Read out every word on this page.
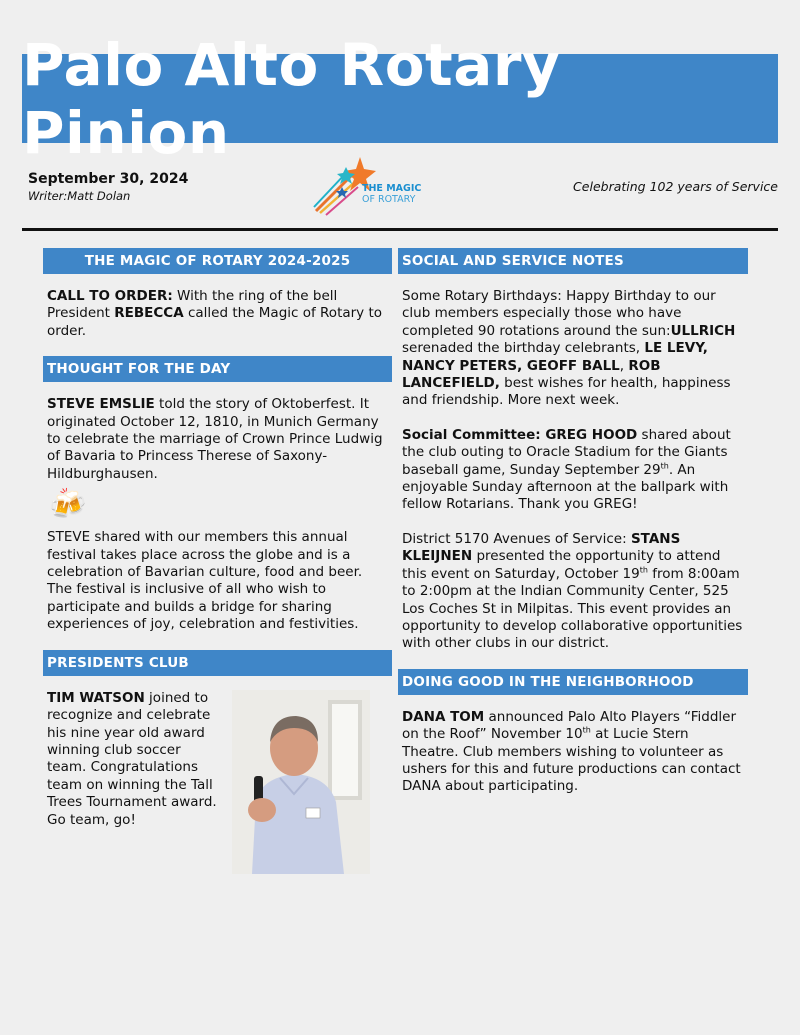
Palo Alto Rotary Pinion
September 30, 2024
Writer:Matt Dolan
THE MAGIC
OF ROTARY
Celebrating 102 years of Service
THE MAGIC OF ROTARY 2024-2025

CALL TO ORDER: With the ring of the bell President REBECCA called the Magic of Rotary to order.

THOUGHT FOR THE DAY

STEVE EMSLIE told the story of Oktoberfest. It originated October 12, 1810, in Munich Germany to celebrate the marriage of Crown Prince Ludwig of Bavaria to Princess Therese of Saxony-Hildburghausen.

🍻

STEVE shared with our members this annual festival takes place across the globe and is a celebration of Bavarian culture, food and beer. The festival is inclusive of all who wish to participate and builds a bridge for sharing experiences of joy, celebration and festivities.

PRESIDENTS CLUB

TIM WATSON joined to recognize and celebrate his nine year old award winning club soccer team. Congratulations team on winning the Tall Trees Tournament award. Go team, go!

SOCIAL AND SERVICE NOTES

Some Rotary Birthdays: Happy Birthday to our club members especially those who have completed 90 rotations around the sun:ULLRICH serenaded the birthday celebrants, LE LEVY, NANCY PETERS, GEOFF BALL, ROB LANCEFIELD, best wishes for health, happiness and friendship. More next week.

Social Committee: GREG HOOD shared about the club outing to Oracle Stadium for the Giants baseball game, Sunday September 29th. An enjoyable Sunday afternoon at the ballpark with fellow Rotarians. Thank you GREG!

District 5170 Avenues of Service: STANS KLEIJNEN presented the opportunity to attend this event on Saturday, October 19th from 8:00am to 2:00pm at the Indian Community Center, 525 Los Coches St in Milpitas. This event provides an opportunity to develop collaborative opportunities with other clubs in our district.

DOING GOOD IN THE NEIGHBORHOOD

DANA TOM announced Palo Alto Players “Fiddler on the Roof” November 10th at Lucie Stern Theatre. Club members wishing to volunteer as ushers for this and future productions can contact DANA about participating.
